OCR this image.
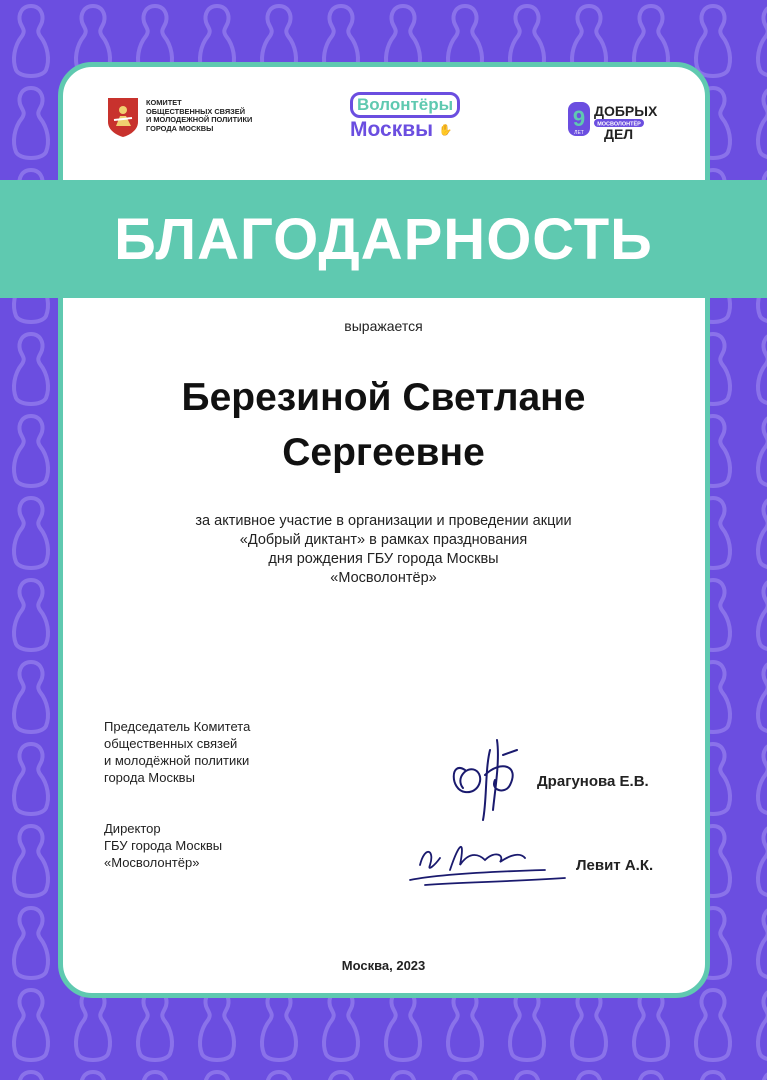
КОМИТЕТ
ОБЩЕСТВЕННЫХ СВЯЗЕЙ
И МОЛОДЕЖНОЙ ПОЛИТИКИ
ГОРОДА МОСКВЫ
Волонтёры
Москвы ✋	9
ЛЕТ
ДОБРЫХ
МОСВОЛОНТЁР
ДЕЛ
БЛАГОДАРНОСТЬ
выражается
Березиной Светлане
Сергеевне
за активное участие в организации и проведении акции
«Добрый диктант» в рамках празднования
дня рождения ГБУ города Москвы
«Мосволонтёр»
Председатель Комитета
общественных связей
и молодёжной политики
города Москвы	Драгунова Е.В.
Директор
ГБУ города Москвы
«Мосволонтёр»	Левит А.К.
Москва, 2023
